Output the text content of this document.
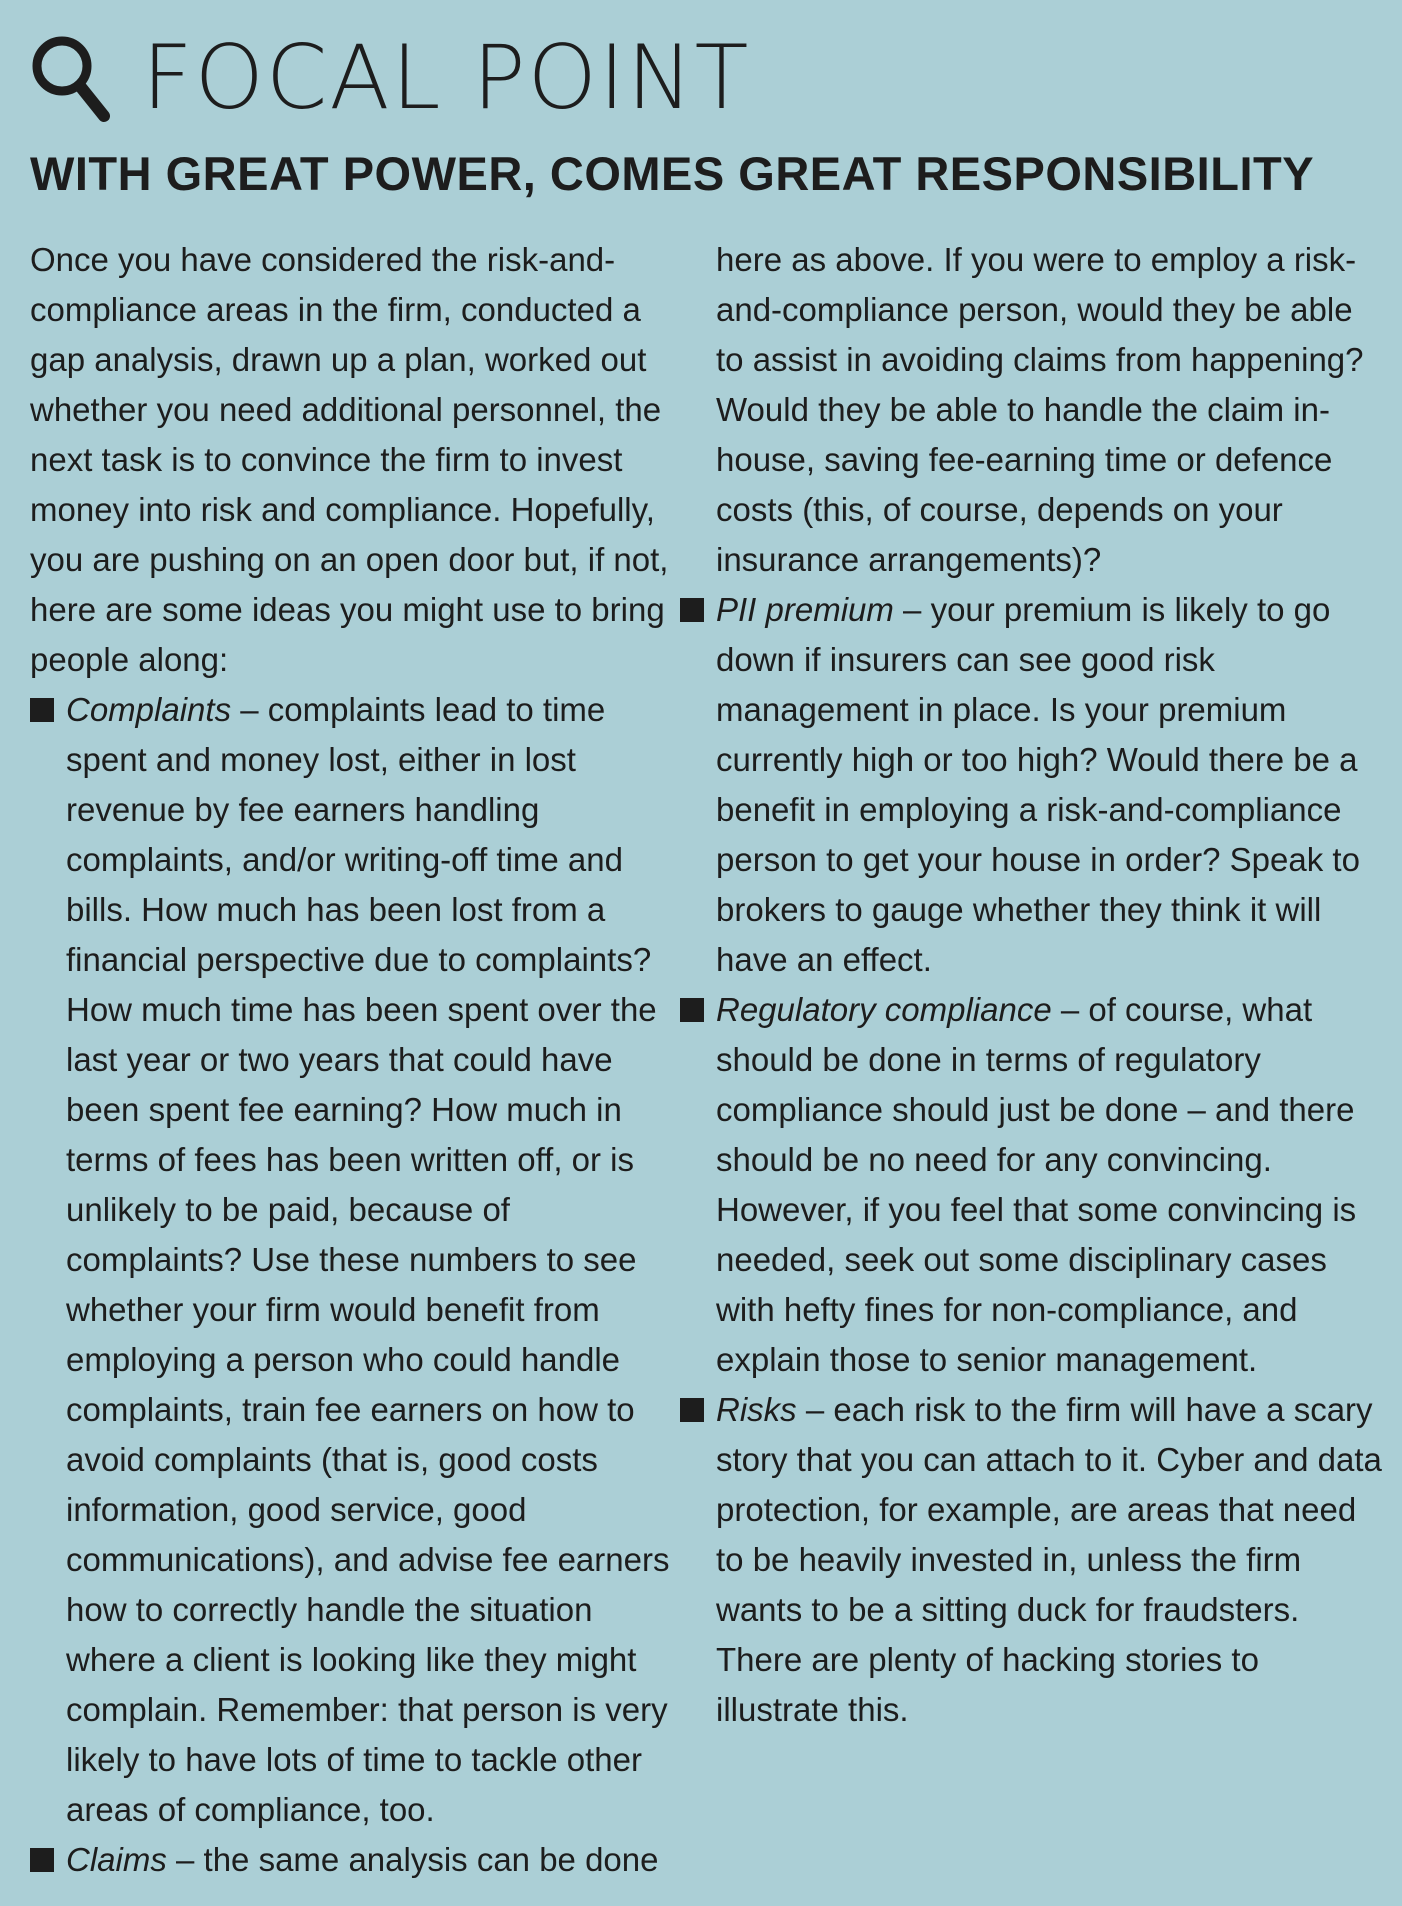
FOCAL POINT
WITH GREAT POWER, COMES GREAT RESPONSIBILITY

Once you have considered the risk-and-compliance areas in the firm, conducted a gap analysis, drawn up a plan, worked out whether you need additional personnel, the next task is to convince the firm to invest money into risk and compliance. Hopefully, you are pushing on an open door but, if not, here are some ideas you might use to bring people along:

Complaints – complaints lead to time spent and money lost, either in lost revenue by fee earners handling complaints, and/or writing-off time and bills. How much has been lost from a financial perspective due to complaints? How much time has been spent over the last year or two years that could have been spent fee earning? How much in terms of fees has been written off, or is unlikely to be paid, because of complaints? Use these numbers to see whether your firm would benefit from employing a person who could handle complaints, train fee earners on how to avoid complaints (that is, good costs information, good service, good communications), and advise fee earners how to correctly handle the situation where a client is looking like they might complain. Remember: that person is very likely to have lots of time to tackle other areas of compliance, too.
Claims – the same analysis can be done

here as above. If you were to employ a risk-and-compliance person, would they be able to assist in avoiding claims from happening? Would they be able to handle the claim in-house, saving fee-earning time or defence costs (this, of course, depends on your insurance arrangements)?

PII premium – your premium is likely to go down if insurers can see good risk management in place. Is your premium currently high or too high? Would there be a benefit in employing a risk-and-compliance person to get your house in order? Speak to brokers to gauge whether they think it will have an effect.
Regulatory compliance – of course, what should be done in terms of regulatory compliance should just be done – and there should be no need for any convincing. However, if you feel that some convincing is needed, seek out some disciplinary cases with hefty fines for non-compliance, and explain those to senior management.
Risks – each risk to the firm will have a scary story that you can attach to it. Cyber and data protection, for example, are areas that need to be heavily invested in, unless the firm wants to be a sitting duck for fraudsters. There are plenty of hacking stories to illustrate this.
